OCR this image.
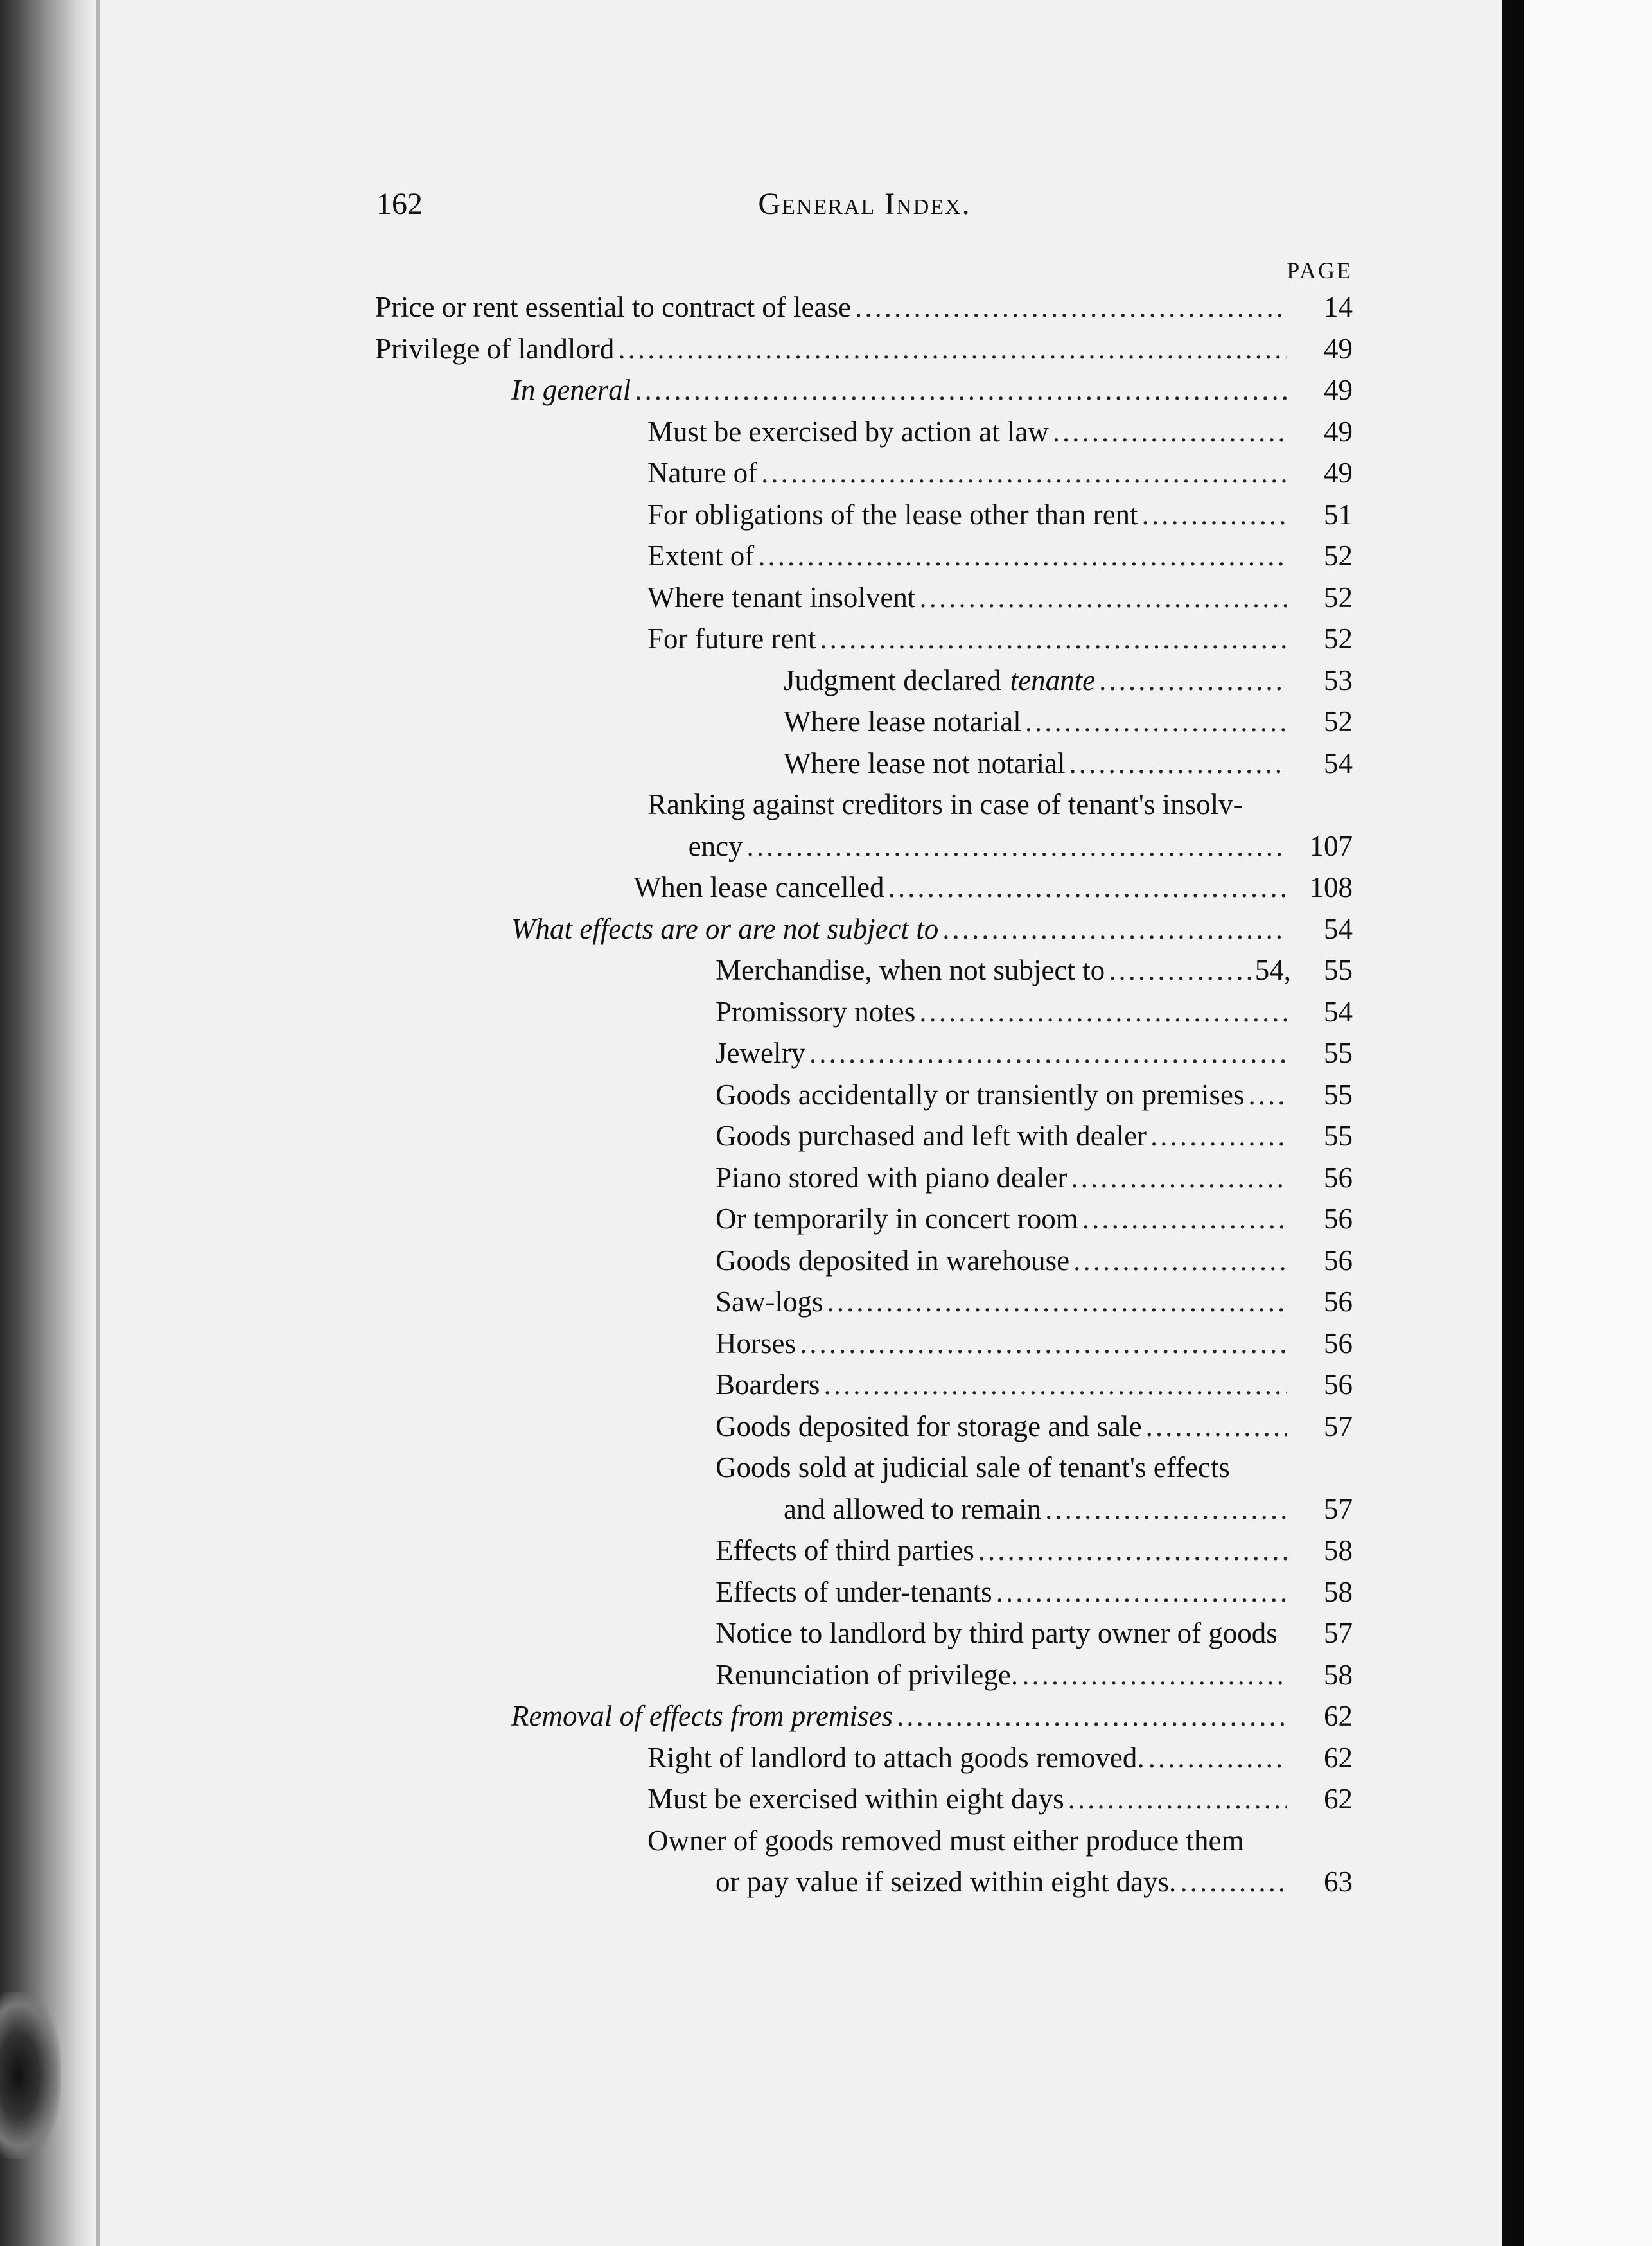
162	General Index.
PAGE
Price or rent essential to contract of lease .....	14
Privilege of landlord .....	49
In general .....	49
Must be exercised by action at law .....	49
Nature of .....	49
For obligations of the lease other than rent .....	51
Extent of .....	52
Where tenant insolvent .....	52
For future rent .....	52
Judgment declared tenante .....	53
Where lease notarial .....	52
Where lease not notarial .....	54
Ranking against creditors in case of tenant's insolv-
ency .....	107
When lease cancelled .....	108
What effects are or are not subject to .....	54
Merchandise, when not subject to .....	54,	55
Promissory notes .....	54
Jewelry .....	55
Goods accidentally or transiently on premises .....	55
Goods purchased and left with dealer .....	55
Piano stored with piano dealer .....	56
Or temporarily in concert room .....	56
Goods deposited in warehouse .....	56
Saw-logs .....	56
Horses .....	56
Boarders .....	56
Goods deposited for storage and sale .....	57
Goods sold at judicial sale of tenant's effects
and allowed to remain .....	57
Effects of third parties .....	58
Effects of under-tenants .....	58
Notice to landlord by third party owner of goods	57
Renunciation of privilege. .....	58
Removal of effects from premises .....	62
Right of landlord to attach goods removed. .....	62
Must be exercised within eight days .....	62
Owner of goods removed must either produce them
or pay value if seized within eight days. .....	63
